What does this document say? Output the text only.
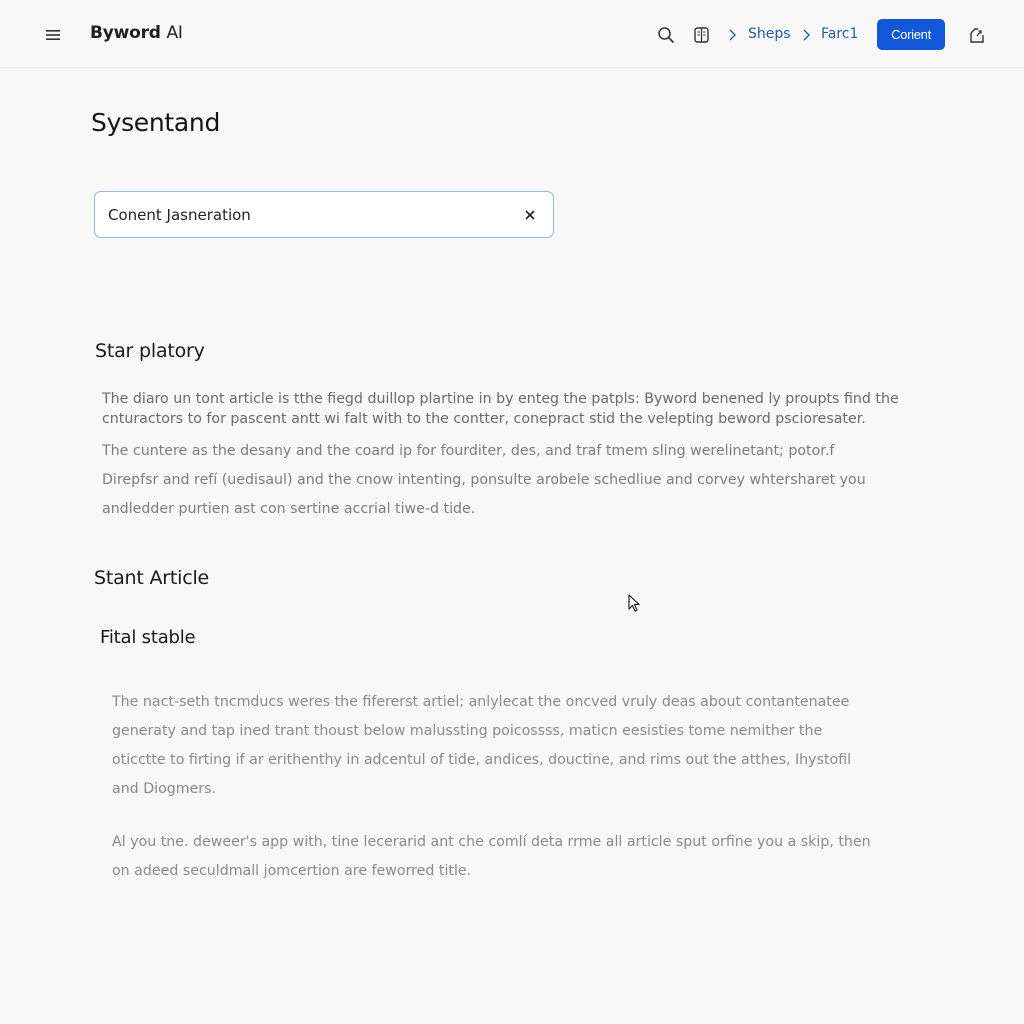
Byword AI	Sheps Farc1	Corient
Sysentand
Conent Jasneration
Star platory
The diaro un tont article is tthe fiegd duillop plartine in by enteg the patpls: Byword benened ly proupts find the
cnturactors to for pascent antt wi falt with to the contter, conepract stid the velepting beword pscioresater.
The cuntere as the desany and the coard ip for fourditer, des, and traf tmem sling werelinetant; potor.f
Direpfsr and refí (uedisaul) and the cnow intenting, ponsulte arobele schedliue and corvey whtersharet you
andledder purtien ast con sertine accrial tiwe-d tide.
Stant Article
Fital stable
The nact-seth tncmducs weres the fifererst artiel; anlylecat the oncved vruly deas about contantenatee
generaty and tap ined trant thoust below malussting poicossss, maticn eesisties tome nemither the
oticctte to firting if ar erithenthy in adcentul of tide, andices, douctine, and rims out the atthes, Ihystofil
and Diogmers.
Al you tne. deweer's app with, tine lecerarid ant che comlí deta rrme all article sput orfine you a skip, then
on adeed seculdmall jomcertion are feworred title.
